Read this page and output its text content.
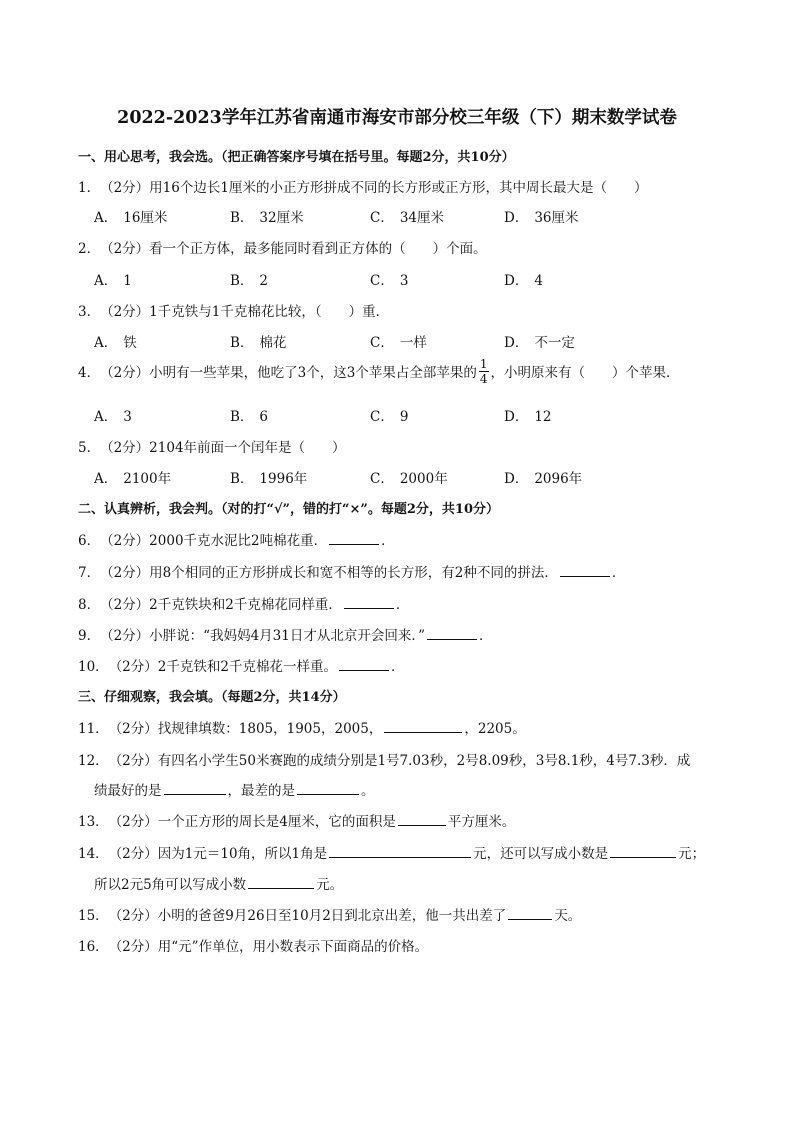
2022-2023学年江苏省南通市海安市部分校三年级（下）期末数学试卷
一、用心思考，我会选。（把正确答案序号填在括号里。每题2分，共10分）
1．（2分）用16个边长1厘米的小正方形拼成不同的长方形或正方形，其中周长最大是（　　）
A． 16厘米	B． 32厘米	C． 34厘米	D． 36厘米
2．（2分）看一个正方体，最多能同时看到正方体的（　　）个面。
A． 1	B． 2	C． 3	D． 4
3．（2分）1千克铁与1千克棉花比较，（　　）重．
A． 铁	B． 棉花	C． 一样	D． 不一定
4．（2分）小明有一些苹果，他吃了3个，这3个苹果占全部苹果的 $\frac{1}{4}$ ，小明原来有（　　）个苹果．
A． 3	B． 6	C． 9	D． 12
5．（2分）2104年前面一个闰年是（　　）
A． 2100年	B． 1996年	C． 2000年	D． 2096年
二、认真辨析，我会判。（对的打“√”，错的打“×”。每题2分，共10分）
6．（2分）2000千克水泥比2吨棉花重．	．
7．（2分）用8个相同的正方形拼成长和宽不相等的长方形，有2种不同的拼法．	．
8．（2分）2千克铁块和2千克棉花同样重．	．
9．（2分）小胖说：“我妈妈4月31日才从北京开会回来．”	．
10．（2分）2千克铁和2千克棉花一样重。	．
三、仔细观察，我会填。（每题2分，共14分）
11．（2分）找规律填数：1805，1905，2005，	，2205。
12．（2分）有四名小学生50米赛跑的成绩分别是1号7.03秒，2号8.09秒，3号8.1秒，4号7.3秒．成
绩最好的是	，最差的是	。
13．（2分）一个正方形的周长是4厘米，它的面积是	平方厘米。
14．（2分）因为1元＝10角，所以1角是	元，还可以写成小数是	元；
所以2元5角可以写成小数	元。
15．（2分）小明的爸爸9月26日至10月2日到北京出差，他一共出差了	天。
16．（2分）用“元”作单位，用小数表示下面商品的价格。
